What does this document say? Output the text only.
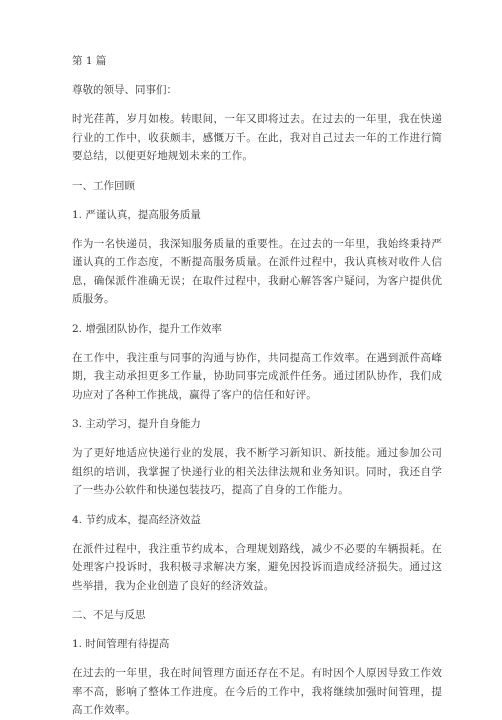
第 1 篇

尊敬的领导、同事们：

时光荏苒，岁月如梭。转眼间，一年又即将过去。在过去的一年里，我在快递行业的工作中，收获颇丰，感慨万千。在此，我对自己过去一年的工作进行简要总结，以便更好地规划未来的工作。

一、工作回顾

1. 严谨认真，提高服务质量

作为一名快递员，我深知服务质量的重要性。在过去的一年里，我始终秉持严谨认真的工作态度，不断提高服务质量。在派件过程中，我认真核对收件人信息，确保派件准确无误；在取件过程中，我耐心解答客户疑问，为客户提供优质服务。

2. 增强团队协作，提升工作效率

在工作中，我注重与同事的沟通与协作，共同提高工作效率。在遇到派件高峰期，我主动承担更多工作量，协助同事完成派件任务。通过团队协作，我们成功应对了各种工作挑战，赢得了客户的信任和好评。

3. 主动学习，提升自身能力

为了更好地适应快递行业的发展，我不断学习新知识、新技能。通过参加公司组织的培训，我掌握了快递行业的相关法律法规和业务知识。同时，我还自学了一些办公软件和快递包装技巧，提高了自身的工作能力。

4. 节约成本，提高经济效益

在派件过程中，我注重节约成本，合理规划路线，减少不必要的车辆损耗。在处理客户投诉时，我积极寻求解决方案，避免因投诉而造成经济损失。通过这些举措，我为企业创造了良好的经济效益。

二、不足与反思

1. 时间管理有待提高

在过去的一年里，我在时间管理方面还存在不足。有时因个人原因导致工作效率不高，影响了整体工作进度。在今后的工作中，我将继续加强时间管理，提高工作效率。
